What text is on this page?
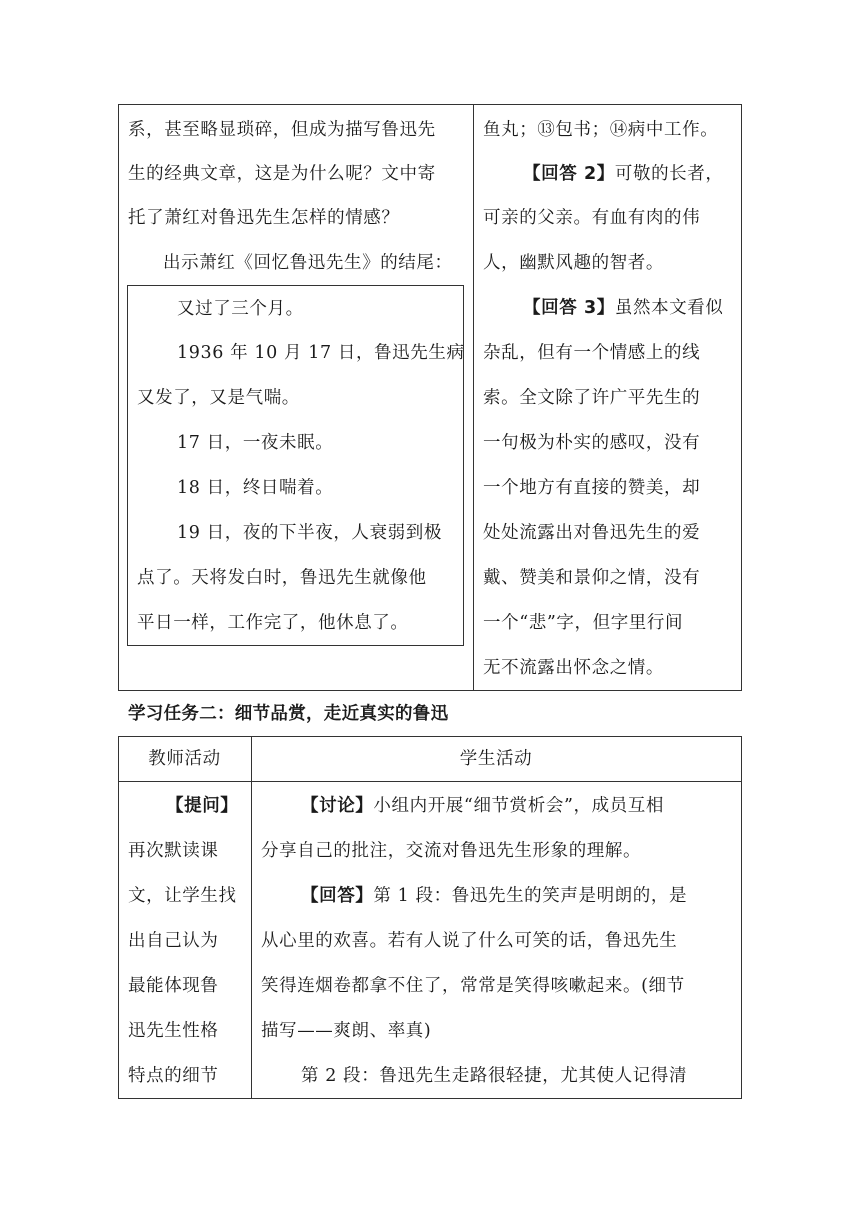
系，甚至略显琐碎，但成为描写鲁迅先
生的经典文章，这是为什么呢？文中寄
托了萧红对鲁迅先生怎样的情感？
出示萧红《回忆鲁迅先生》的结尾：
又过了三个月。
1936 年 10 月 17 日，鲁迅先生病
又发了，又是气喘。
17 日，一夜未眠。
18 日，终日喘着。
19 日，夜的下半夜，人衰弱到极
点了。天将发白时，鲁迅先生就像他
平日一样，工作完了，他休息了。
鱼丸；⑬包书；⑭病中工作。
【回答 2】可敬的长者，
可亲的父亲。有血有肉的伟
人，幽默风趣的智者。
【回答 3】虽然本文看似
杂乱，但有一个情感上的线
索。全文除了许广平先生的
一句极为朴实的感叹，没有
一个地方有直接的赞美，却
处处流露出对鲁迅先生的爱
戴、赞美和景仰之情，没有
一个“悲”字，但字里行间
无不流露出怀念之情。
学习任务二：细节品赏，走近真实的鲁迅
教师活动	学生活动
【提问】
再次默读课
文，让学生找
出自己认为
最能体现鲁
迅先生性格
特点的细节
【讨论】小组内开展“细节赏析会”，成员互相
分享自己的批注，交流对鲁迅先生形象的理解。
【回答】第 1 段：鲁迅先生的笑声是明朗的，是
从心里的欢喜。若有人说了什么可笑的话，鲁迅先生
笑得连烟卷都拿不住了，常常是笑得咳嗽起来。(细节
描写——爽朗、率真)
第 2 段：鲁迅先生走路很轻捷，尤其使人记得清
